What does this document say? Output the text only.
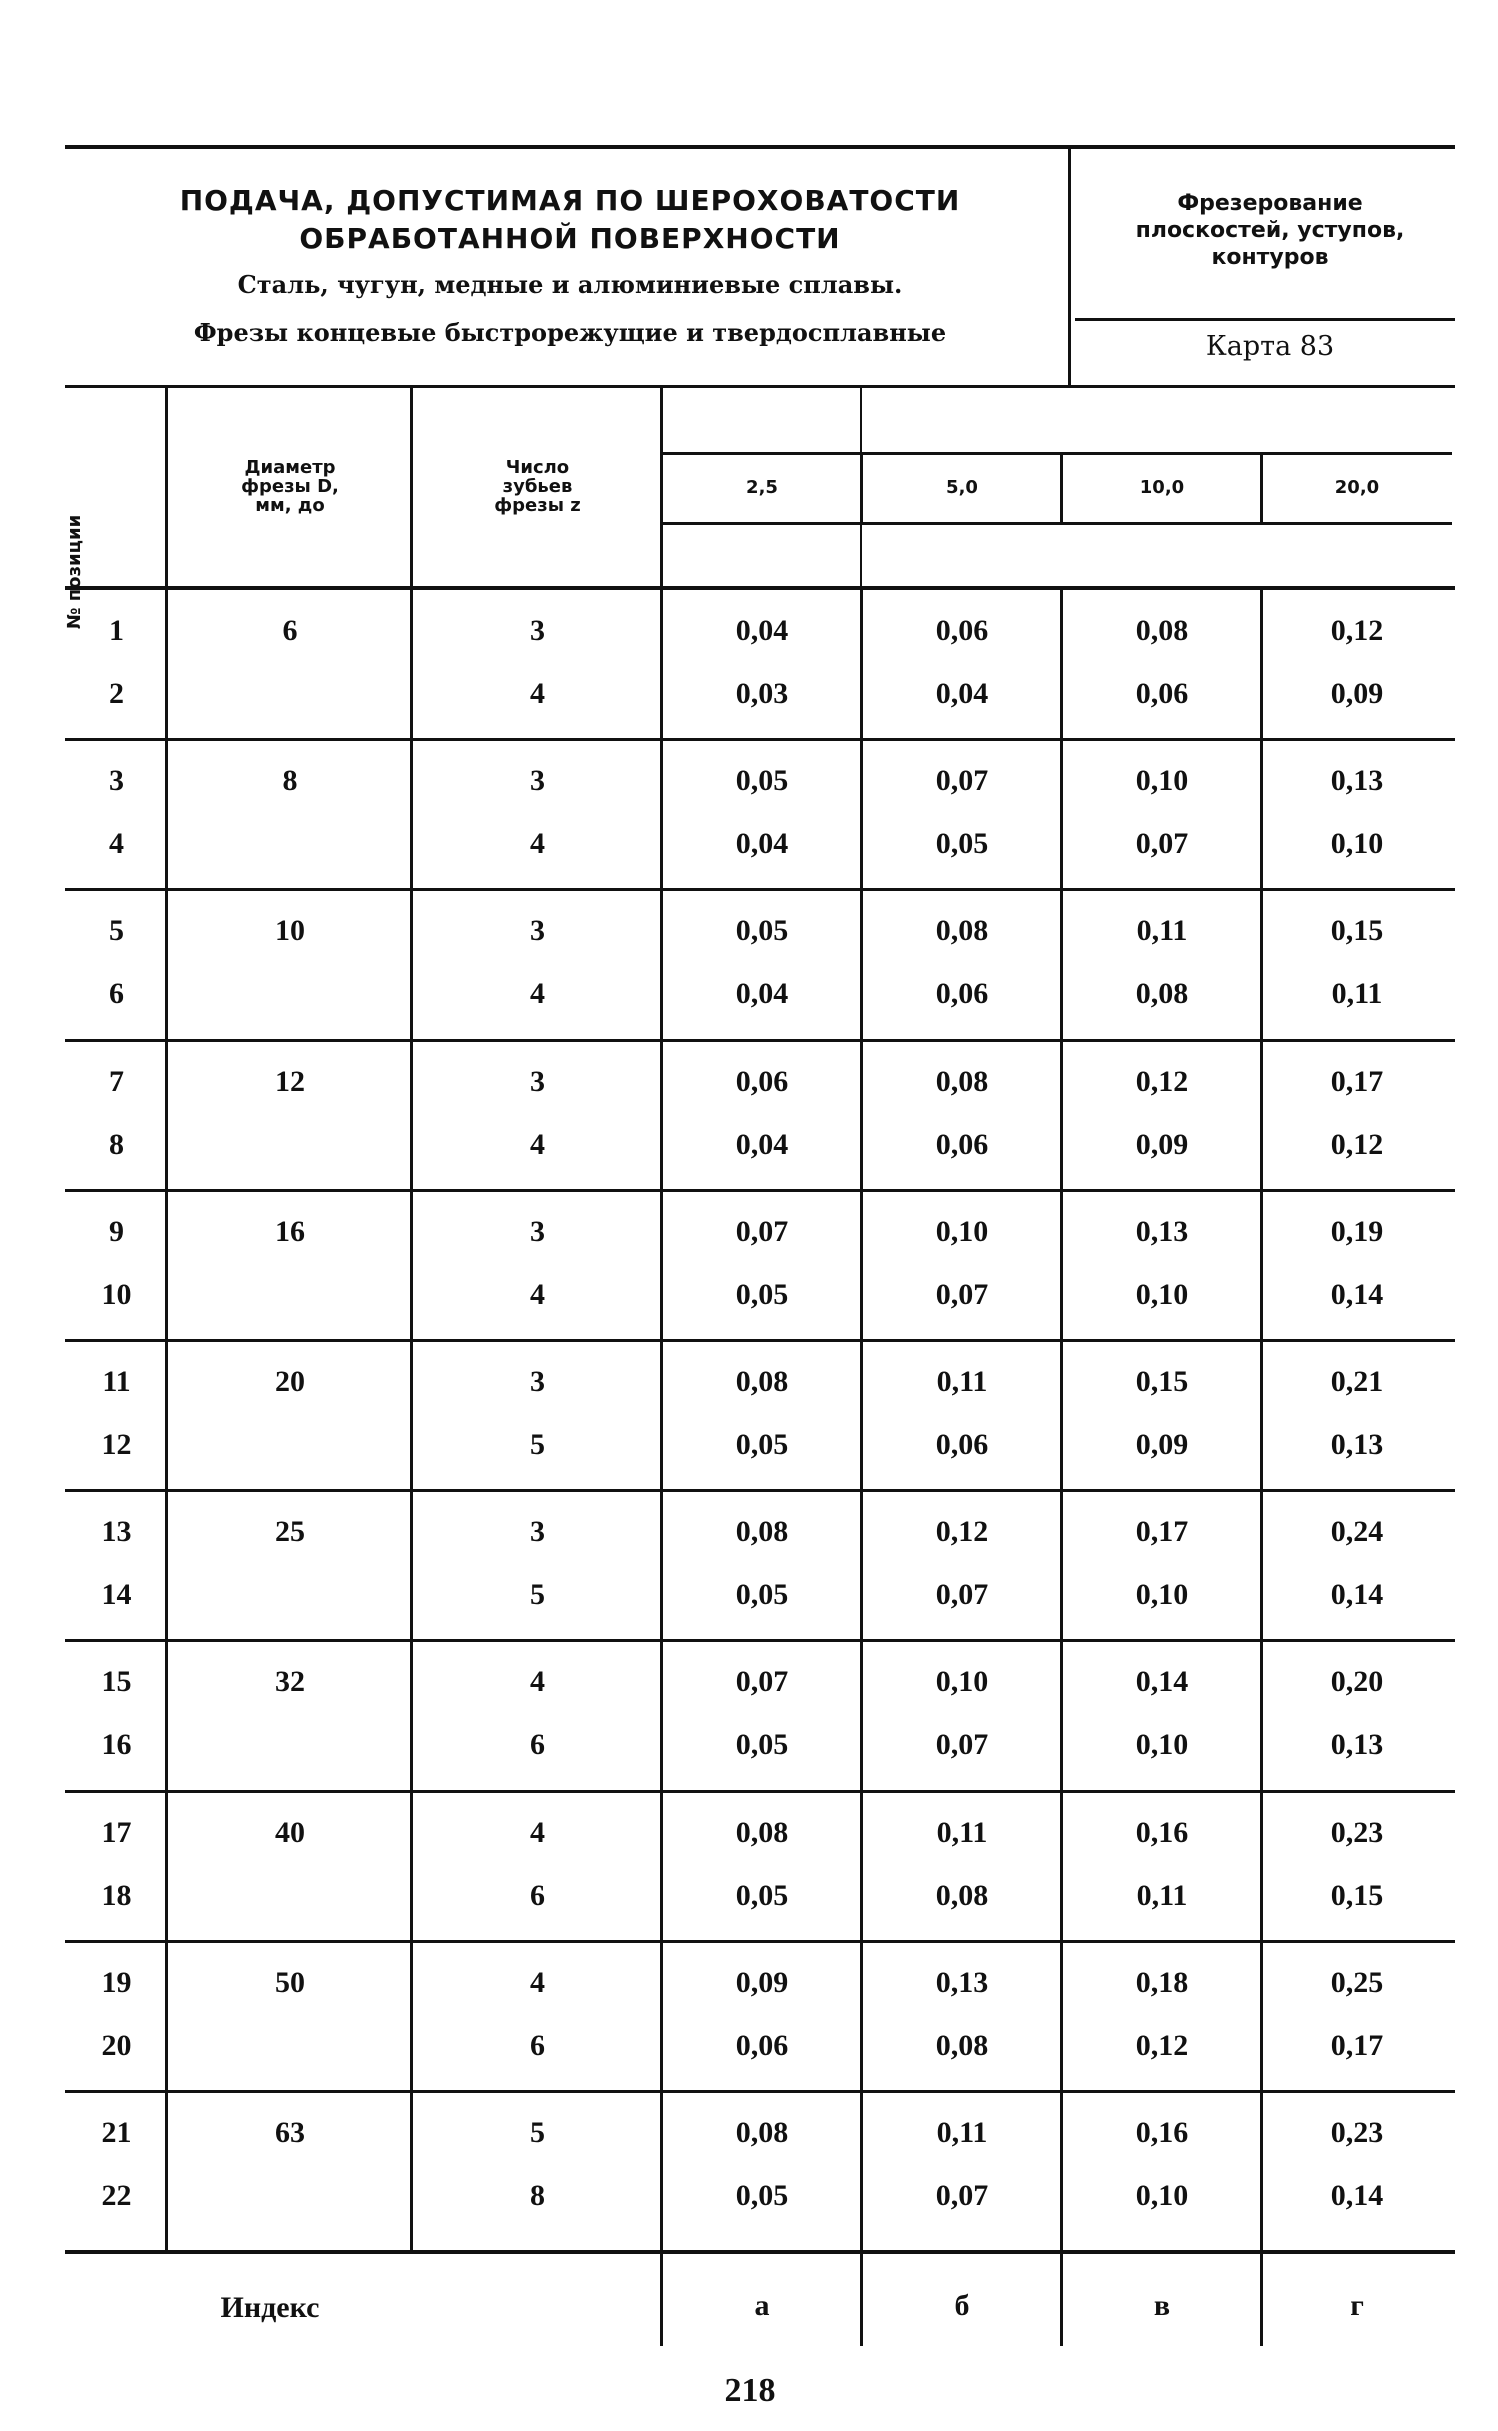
ПОДАЧА, ДОПУСТИМАЯ ПО ШЕРОХОВАТОСТИ
ОБРАБОТАННОЙ ПОВЕРХНОСТИ
Сталь, чугун, медные и алюминиевые сплавы.
Фрезы концевые быстрорежущие и твердосплавные
Фрезерование
плоскостей, уступов,
контуров
Карта 83
№ позиции
Диаметр
фрезы D,
мм, до
Число
зубьев
фрезы z
2,5	5,0	10,0	20,0
6
1	3	0,04	0,06	0,08	0,12
2	4	0,03	0,04	0,06	0,09
8
3	3	0,05	0,07	0,10	0,13
4	4	0,04	0,05	0,07	0,10
10
5	3	0,05	0,08	0,11	0,15
6	4	0,04	0,06	0,08	0,11
12
7	3	0,06	0,08	0,12	0,17
8	4	0,04	0,06	0,09	0,12
16
9	3	0,07	0,10	0,13	0,19
10	4	0,05	0,07	0,10	0,14
20
11	3	0,08	0,11	0,15	0,21
12	5	0,05	0,06	0,09	0,13
25
13	3	0,08	0,12	0,17	0,24
14	5	0,05	0,07	0,10	0,14
32
15	4	0,07	0,10	0,14	0,20
16	6	0,05	0,07	0,10	0,13
40
17	4	0,08	0,11	0,16	0,23
18	6	0,05	0,08	0,11	0,15
50
19	4	0,09	0,13	0,18	0,25
20	6	0,06	0,08	0,12	0,17
63
21	5	0,08	0,11	0,16	0,23
22	8	0,05	0,07	0,10	0,14
Индекс	а	б	в	г
218
